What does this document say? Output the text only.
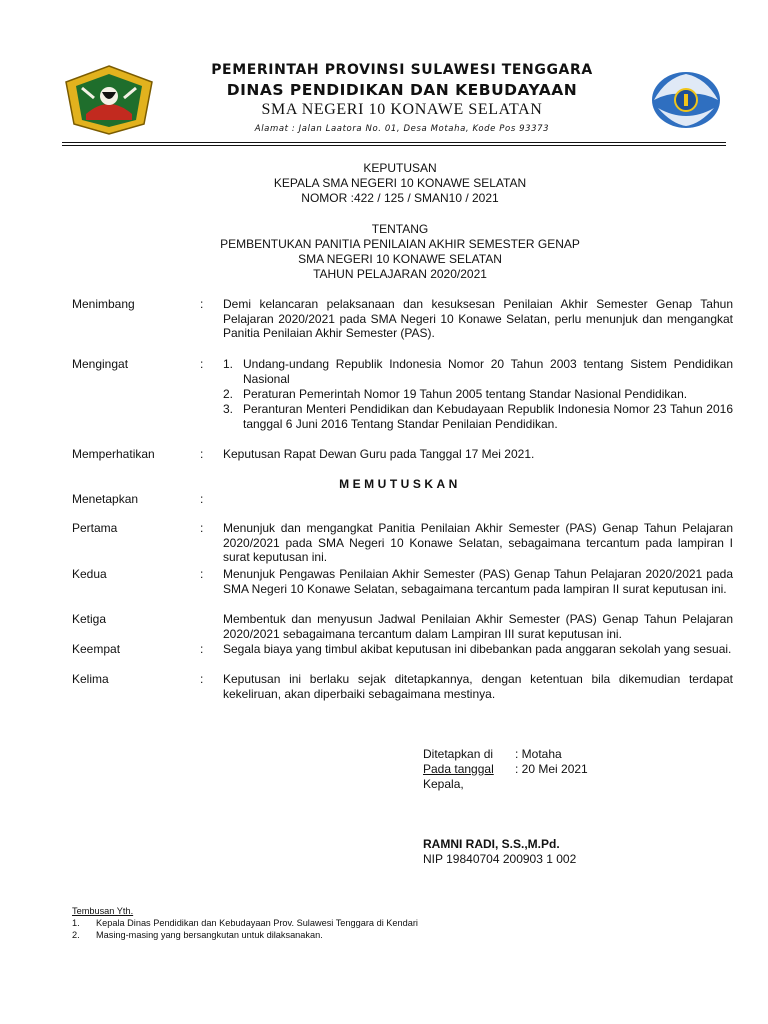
PEMERINTAH PROVINSI SULAWESI TENGGARA
DINAS PENDIDIKAN DAN KEBUDAYAAN
SMA NEGERI 10 KONAWE SELATAN
Alamat : Jalan Laatora No. 01, Desa Motaha, Kode Pos 93373
KEPUTUSAN
KEPALA SMA NEGERI 10 KONAWE SELATAN
NOMOR :422 / 125 / SMAN10 / 2021
TENTANG
PEMBENTUKAN PANITIA PENILAIAN AKHIR SEMESTER GENAP
SMA NEGERI 10 KONAWE SELATAN
TAHUN PELAJARAN 2020/2021
Menimbang	: Demi kelancaran pelaksanaan dan kesuksesan Penilaian Akhir Semester Genap Tahun Pelajaran 2020/2021 pada SMA Negeri 10 Konawe Selatan, perlu menunjuk dan mengangkat Panitia Penilaian Akhir Semester (PAS).
Mengingat	: 1. Undang-undang Republik Indonesia Nomor 20 Tahun 2003 tentang Sistem Pendidikan Nasional
2. Peraturan Pemerintah Nomor 19 Tahun 2005 tentang Standar Nasional Pendidikan.
3. Peranturan Menteri Pendidikan dan Kebudayaan Republik Indonesia Nomor 23 Tahun 2016 tanggal 6 Juni 2016 Tentang Standar Penilaian Pendidikan.
Memperhatikan	: Keputusan Rapat Dewan Guru pada Tanggal 17 Mei 2021.
MEMUTUSKAN
Menetapkan	:
Pertama	: Menunjuk dan mengangkat Panitia Penilaian Akhir Semester (PAS) Genap Tahun Pelajaran 2020/2021 pada SMA Negeri 10 Konawe Selatan, sebagaimana tercantum pada lampiran I surat keputusan ini.
Kedua	: Menunjuk Pengawas Penilaian Akhir Semester (PAS) Genap Tahun Pelajaran 2020/2021 pada SMA Negeri 10 Konawe Selatan, sebagaimana tercantum pada lampiran II surat keputusan ini.
Ketiga	Membentuk dan menyusun Jadwal Penilaian Akhir Semester (PAS) Genap Tahun Pelajaran 2020/2021 sebagaimana tercantum dalam Lampiran III surat keputusan ini.
Keempat	: Segala biaya yang timbul akibat keputusan ini dibebankan pada anggaran sekolah yang sesuai.
Kelima	: Keputusan ini berlaku sejak ditetapkannya, dengan ketentuan bila dikemudian terdapat kekeliruan, akan diperbaiki sebagaimana mestinya.
Ditetapkan di : Motaha
Pada tanggal : 20 Mei 2021
Kepala,
RAMNI RADI, S.S.,M.Pd.
NIP 19840704 200903 1 002
Tembusan Yth.
1. Kepala Dinas Pendidikan dan Kebudayaan Prov. Sulawesi Tenggara di Kendari
2. Masing-masing yang bersangkutan untuk dilaksanakan.
